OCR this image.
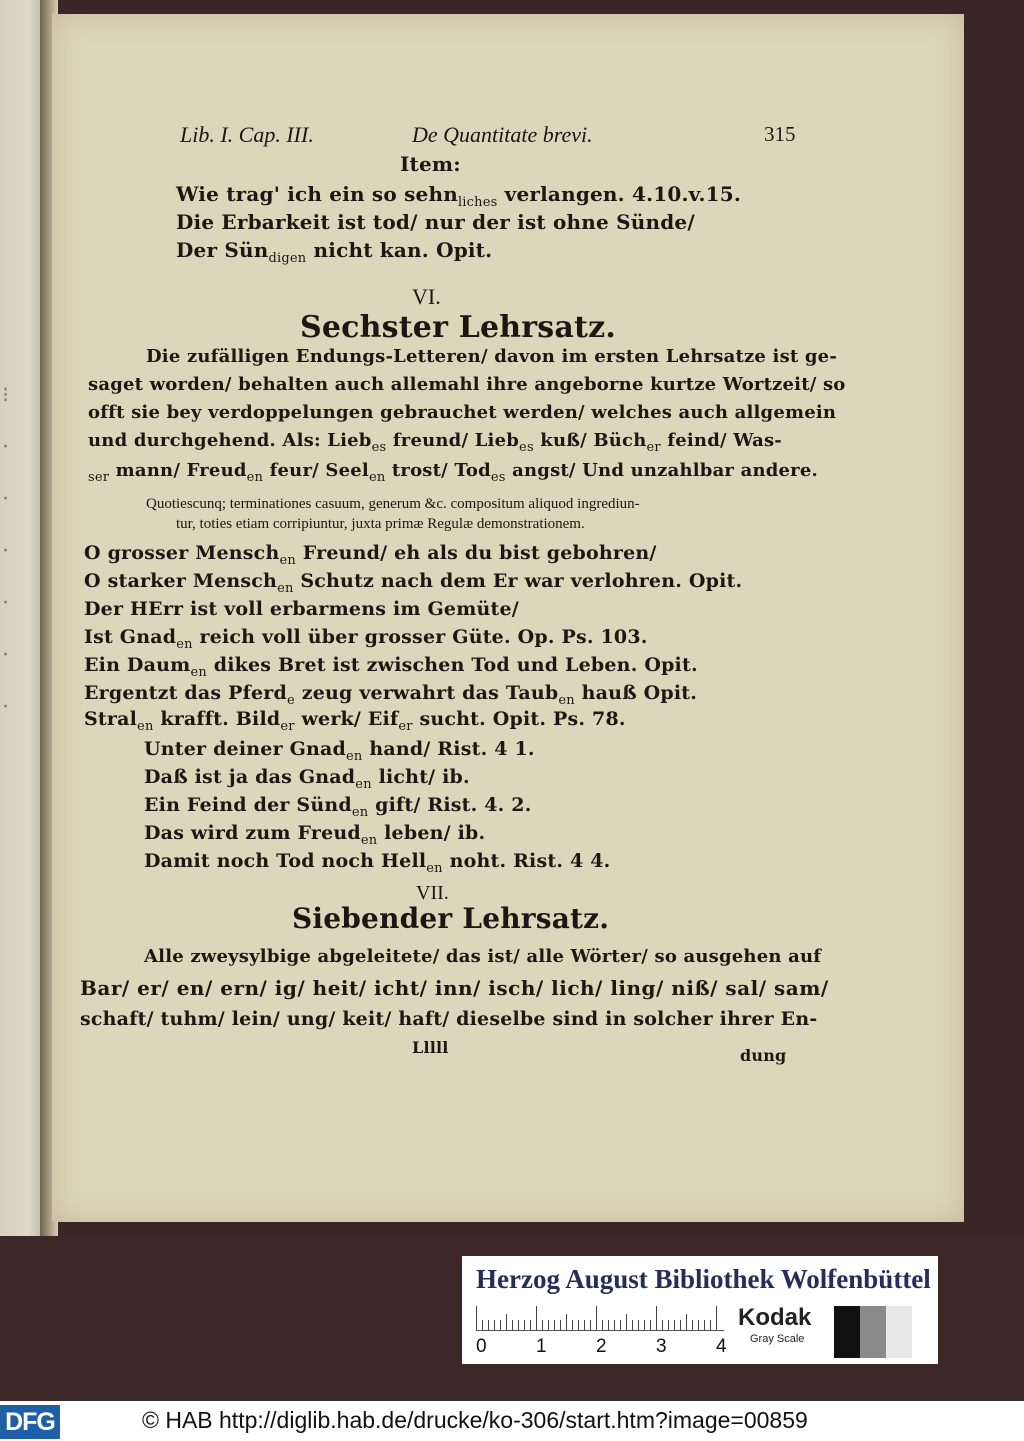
⁝
·
·
·
·
·
·
Lib. I. Cap. III.	De Quantitate brevi.	315
Item:
Wie trag' ich ein so sehn$_{liches}$ verlangen. 4.10.v.15.
Die Erbarkeit ist tod/ nur der ist ohne Sünde/
Der Sün$_{digen}$ nicht kan. Opit.
VI.
Sechster Lehrsatz.
Die zufälligen Endungs-Letteren/ davon im ersten Lehrsatze ist ge-
saget worden/ behalten auch allemahl ihre angeborne kurtze Wortzeit/ so
offt sie bey verdoppelungen gebrauchet werden/ welches auch allgemein
und durchgehend. Als: Lieb$_{es}$ freund/ Lieb$_{es}$ kuß/ Büch$_{er}$ feind/ Was-
$_{ser}$ mann/ Freud$_{en}$ feur/ Seel$_{en}$ trost/ Tod$_{es}$ angst/ Und unzahlbar andere.
Quotiescunq; terminationes casuum, generum &c. compositum aliquod ingrediun-
tur, toties etiam corripiuntur, juxta primæ Regulæ demonstrationem.
O grosser Mensch$_{en}$ Freund/ eh als du bist gebohren/
O starker Mensch$_{en}$ Schutz nach dem Er war verlohren. Opit.
Der HErr ist voll erbarmens im Gemüte/
Ist Gnad$_{en}$ reich voll über grosser Güte. Op. Ps. 103.
Ein Daum$_{en}$ dikes Bret ist zwischen Tod und Leben. Opit.
Ergentzt das Pferd$_e$ zeug verwahrt das Taub$_{en}$ hauß Opit.
Stral$_{en}$ krafft. Bild$_{er}$ werk/ Eif$_{er}$ sucht. Opit. Ps. 78.
Unter deiner Gnad$_{en}$ hand/ Rist. 4 1.
Daß ist ja das Gnad$_{en}$ licht/ ib.
Ein Feind der Sünd$_{en}$ gift/ Rist. 4. 2.
Das wird zum Freud$_{en}$ leben/ ib.
Damit noch Tod noch Hell$_{en}$ noht. Rist. 4 4.
VII.
Siebender Lehrsatz.
Alle zweysylbige abgeleitete/ das ist/ alle Wörter/ so ausgehen auf
Bar/ er/ en/ ern/ ig/ heit/ icht/ inn/ isch/ lich/ ling/ niß/ sal/ sam/
schaft/ tuhm/ lein/ ung/ keit/ haft/ dieselbe sind in solcher ihrer En-
Lllll	dung
Herzog August Bibliothek Wolfenbüttel
0	1	2	3	4
Kodak
Gray Scale
DFG	© HAB http://diglib.hab.de/drucke/ko-306/start.htm?image=00859
